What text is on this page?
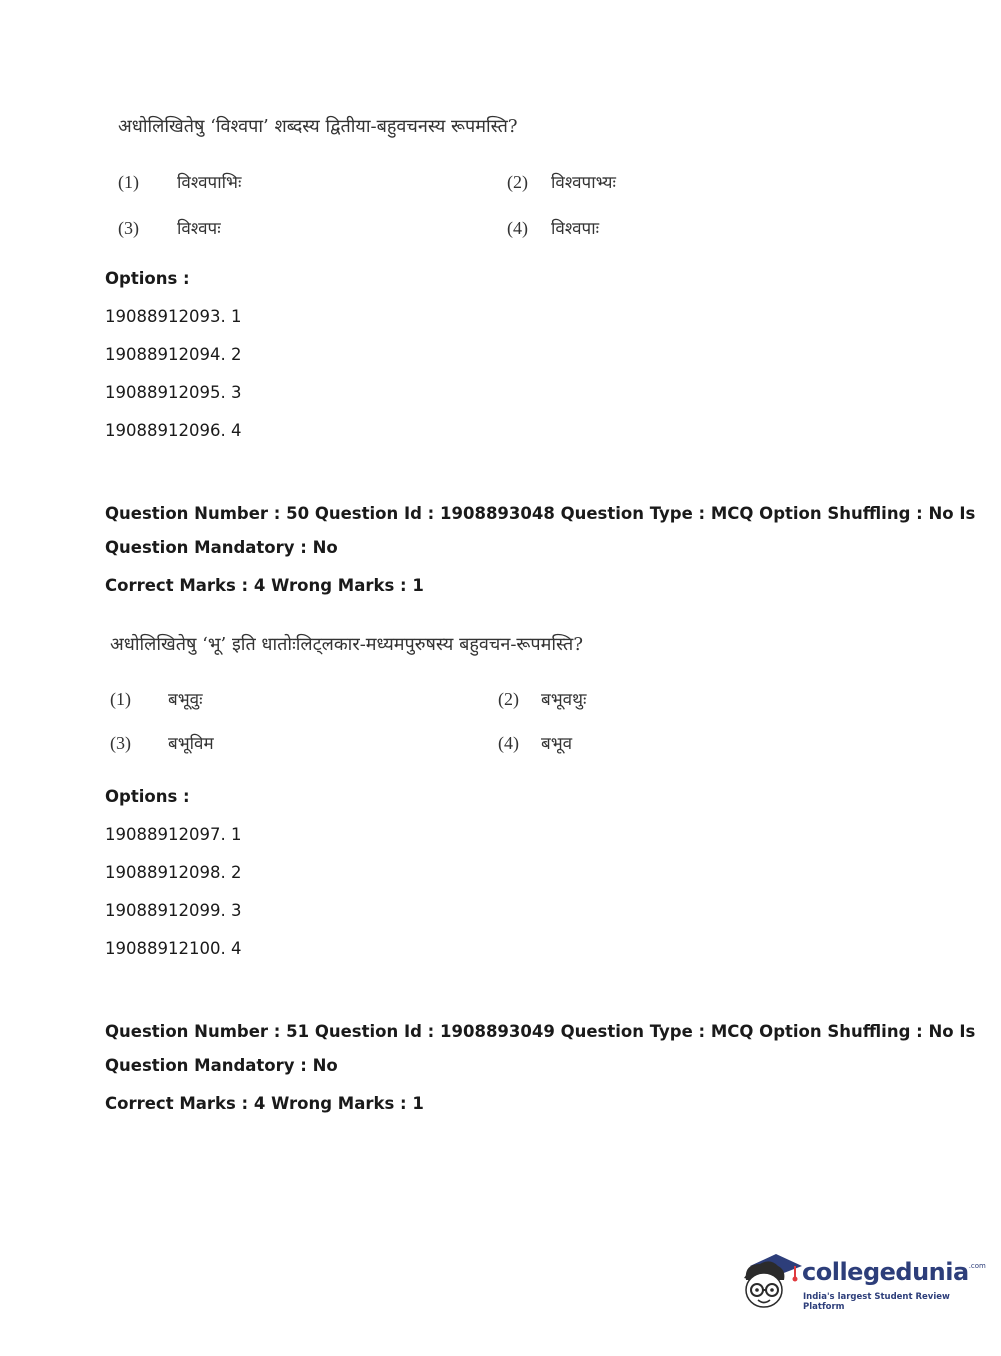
अधोलिखितेषु ‘विश्वपा’ शब्दस्य द्वितीया-बहुवचनस्य रूपमस्ति?
(1) विश्वपाभिः	(2) विश्वपाभ्यः
(3) विश्वपः	(4) विश्वपाः
Options :
19088912093. 1
19088912094. 2
19088912095. 3
19088912096. 4
Question Number : 50 Question Id : 1908893048 Question Type : MCQ Option Shuffling : No Is
Question Mandatory : No
Correct Marks : 4 Wrong Marks : 1
अधोलिखितेषु ‘भू’ इति धातोःलिट्लकार-मध्यमपुरुषस्य बहुवचन-रूपमस्ति?
(1) बभूवुः	(2) बभूवथुः
(3) बभूविम	(4) बभूव
Options :
19088912097. 1
19088912098. 2
19088912099. 3
19088912100. 4
Question Number : 51 Question Id : 1908893049 Question Type : MCQ Option Shuffling : No Is
Question Mandatory : No
Correct Marks : 4 Wrong Marks : 1
collegedunia$^{.com}$
India's largest Student Review Platform
